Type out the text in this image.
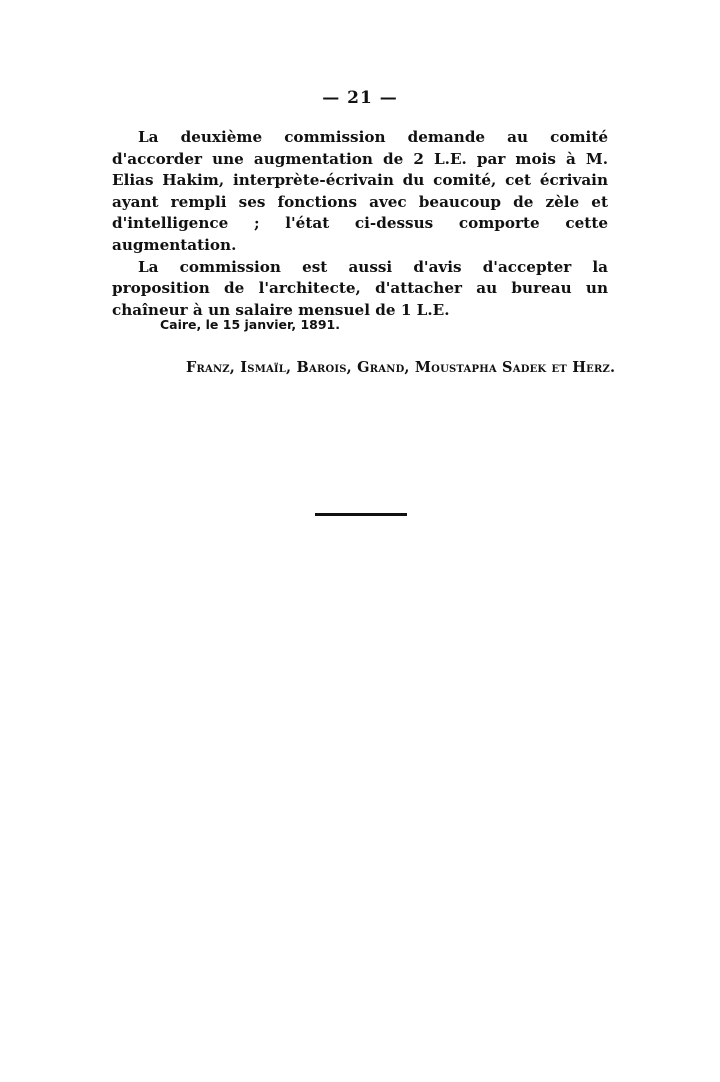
— 21 —

La deuxième commission demande au comité d'accorder une augmentation de 2 L.E. par mois à M. Elias Hakim, interprète-écrivain du comité, cet écrivain ayant rempli ses fonctions avec beaucoup de zèle et d'intelligence ; l'état ci-dessus comporte cette augmentation.

La commission est aussi d'avis d'accepter la proposition de l'architecte, d'attacher au bureau un chaîneur à un salaire mensuel de 1 L.E.

Caire, le 15 janvier, 1891.
Franz, Ismaïl, Barois, Grand, Moustapha Sadek et Herz.
